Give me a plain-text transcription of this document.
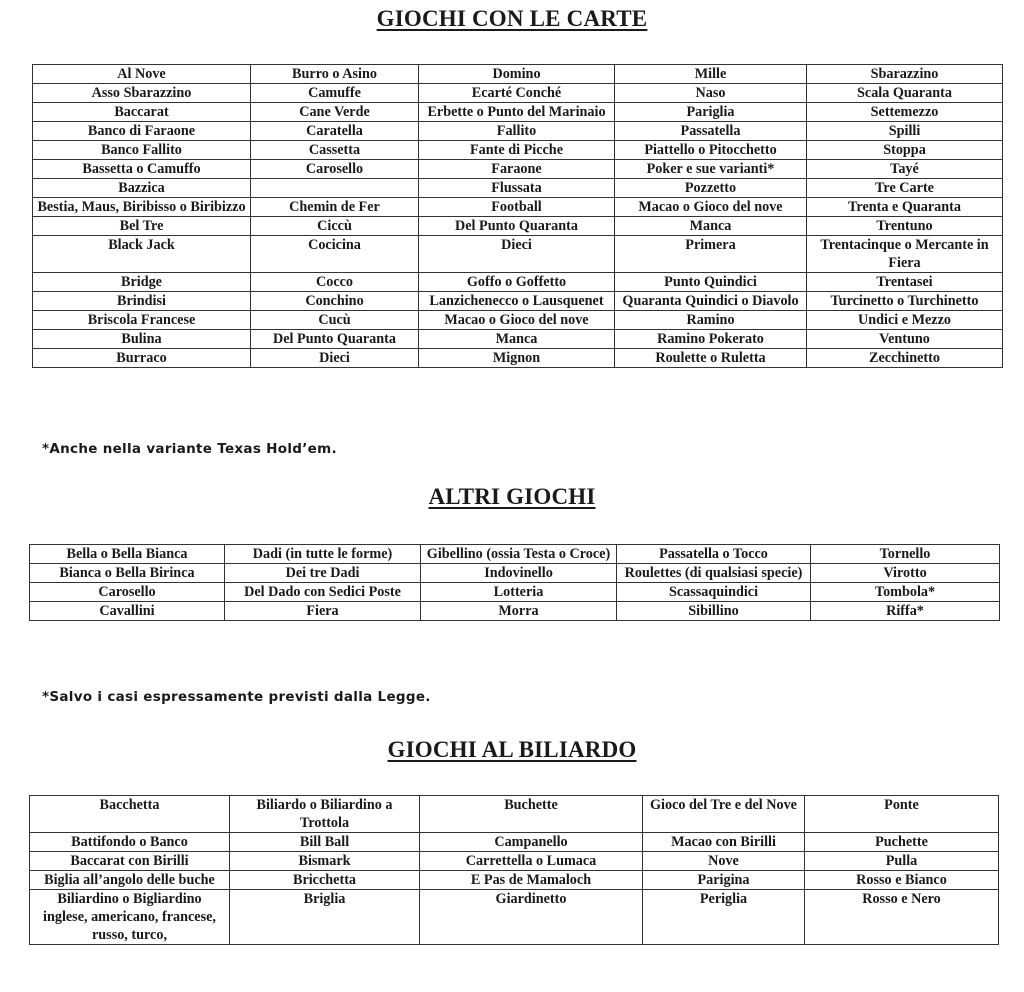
GIOCHI CON LE CARTE
Al Nove	Burro o Asino	Domino	Mille	Sbarazzino
Asso Sbarazzino	Camuffe	Ecarté Conché	Naso	Scala Quaranta
Baccarat	Cane Verde	Erbette o Punto del Marinaio	Pariglia	Settemezzo
Banco di Faraone	Caratella	Fallito	Passatella	Spilli
Banco Fallito	Cassetta	Fante di Picche	Piattello o Pitocchetto	Stoppa
Bassetta o Camuffo	Carosello	Faraone	Poker e sue varianti*	Tayé
Bazzica		Flussata	Pozzetto	Tre Carte
Bestia, Maus, Biribisso o Biribizzo	Chemin de Fer	Football	Macao o Gioco del nove	Trenta e Quaranta
Bel Tre	Ciccù	Del Punto Quaranta	Manca	Trentuno
Black Jack	Cocicina	Dieci	Primera	Trentacinque o Mercante in Fiera
Bridge	Cocco	Goffo o Goffetto	Punto Quindici	Trentasei
Brindisi	Conchino	Lanzichenecco o Lausquenet	Quaranta Quindici o Diavolo	Turcinetto o Turchinetto
Briscola Francese	Cucù	Macao o Gioco del nove	Ramino	Undici e Mezzo
Bulina	Del Punto Quaranta	Manca	Ramino Pokerato	Ventuno
Burraco	Dieci	Mignon	Roulette o Ruletta	Zecchinetto

*Anche nella variante Texas Hold’em.

ALTRI GIOCHI
Bella o Bella Bianca	Dadi (in tutte le forme)	Gibellino (ossia Testa o Croce)	Passatella o Tocco	Tornello
Bianca o Bella Birinca	Dei tre Dadi	Indovinello	Roulettes (di qualsiasi specie)	Virotto
Carosello	Del Dado con Sedici Poste	Lotteria	Scassaquindici	Tombola*
Cavallini	Fiera	Morra	Sibillino	Riffa*

*Salvo i casi espressamente previsti dalla Legge.

GIOCHI AL BILIARDO
Bacchetta	Biliardo o Biliardino a Trottola	Buchette	Gioco del Tre e del Nove	Ponte
Battifondo o Banco	Bill Ball	Campanello	Macao con Birilli	Puchette
Baccarat con Birilli	Bismark	Carrettella o Lumaca	Nove	Pulla
Biglia all’angolo delle buche	Bricchetta	E Pas de Mamaloch	Parigina	Rosso e Bianco
Biliardino o Bigliardino inglese, americano, francese, russo, turco,	Briglia	Giardinetto	Periglia	Rosso e Nero
